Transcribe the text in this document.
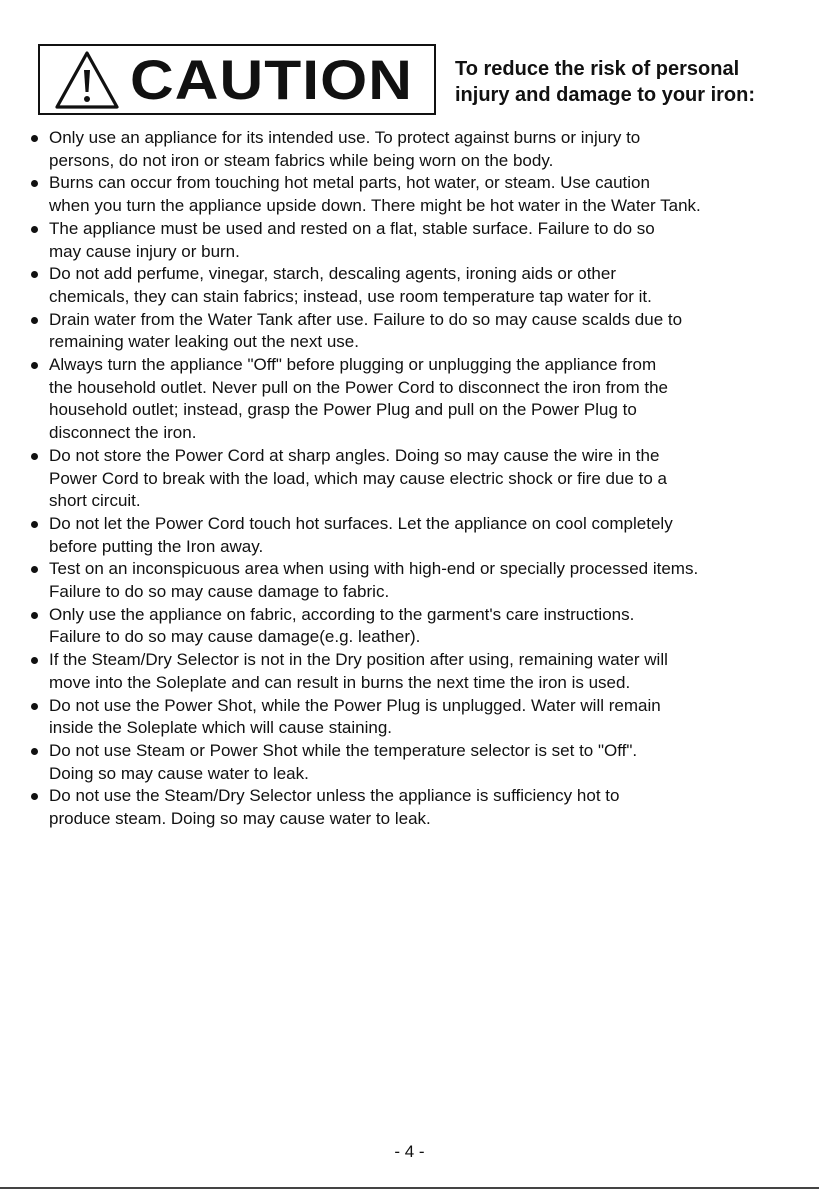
CAUTION To reduce the risk of personal
injury and damage to your iron:
Only use an appliance for its intended use. To protect against burns or injury to
persons, do not iron or steam fabrics while being worn on the body.
Burns can occur from touching hot metal parts, hot water, or steam. Use caution
when you turn the appliance upside down. There might be hot water in the Water Tank.
The appliance must be used and rested on a flat, stable surface. Failure to do so
may cause injury or burn.
Do not add perfume, vinegar, starch, descaling agents, ironing aids or other
chemicals, they can stain fabrics; instead, use room temperature tap water for it.
Drain water from the Water Tank after use. Failure to do so may cause scalds due to
remaining water leaking out the next use.
Always turn the appliance "Off" before plugging or unplugging the appliance from
the household outlet. Never pull on the Power Cord to disconnect the iron from the
household outlet; instead, grasp the Power Plug and pull on the Power Plug to
disconnect the iron.
Do not store the Power Cord at sharp angles. Doing so may cause the wire in the
Power Cord to break with the load, which may cause electric shock or fire due to a
short circuit.
Do not let the Power Cord touch hot surfaces. Let the appliance on cool completely
before putting the Iron away.
Test on an inconspicuous area when using with high-end or specially processed items.
Failure to do so may cause damage to fabric.
Only use the appliance on fabric, according to the garment's care instructions.
Failure to do so may cause damage(e.g. leather).
If the Steam/Dry Selector is not in the Dry position after using, remaining water will
move into the Soleplate and can result in burns the next time the iron is used.
Do not use the Power Shot, while the Power Plug is unplugged. Water will remain
inside the Soleplate which will cause staining.
Do not use Steam or Power Shot while the temperature selector is set to "Off".
Doing so may cause water to leak.
Do not use the Steam/Dry Selector unless the appliance is sufficiency hot to
produce steam. Doing so may cause water to leak.
- 4 -
